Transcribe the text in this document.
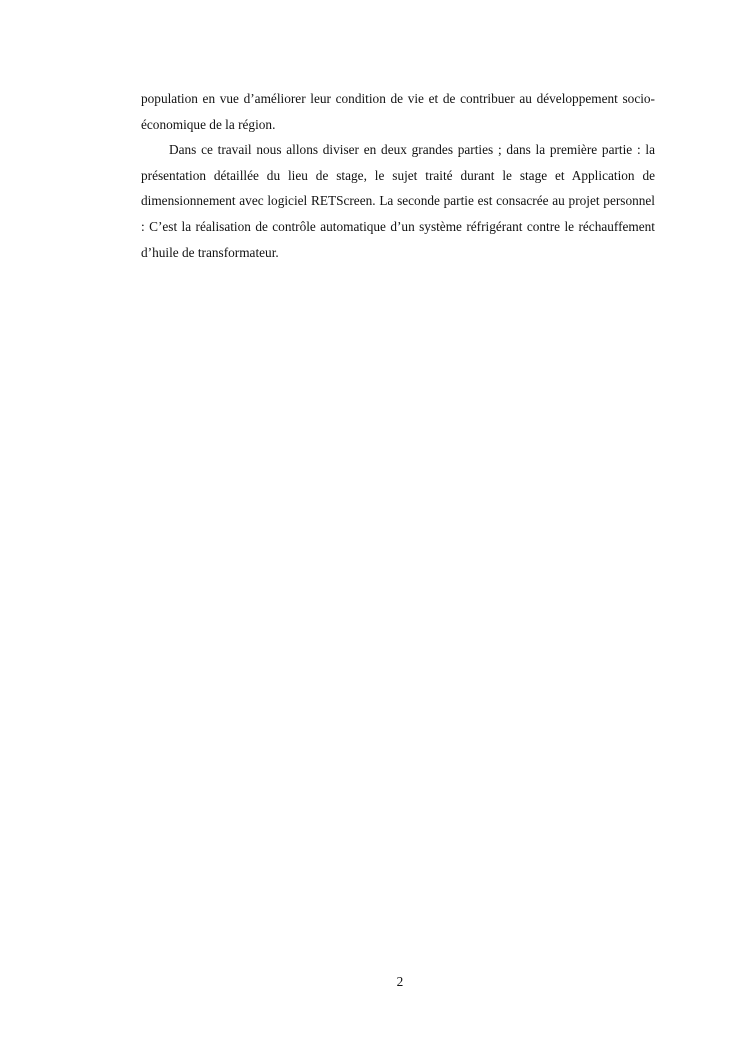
population en vue d’améliorer leur condition de vie et de contribuer au développement socio-économique de la région.

Dans ce travail nous allons diviser en deux grandes parties ; dans la première partie : la présentation détaillée du lieu de stage, le sujet traité durant le stage et Application de dimensionnement avec logiciel RETScreen. La seconde partie est consacrée au projet personnel : C’est la réalisation de contrôle automatique d’un système réfrigérant contre le réchauffement d’huile de transformateur.

2
